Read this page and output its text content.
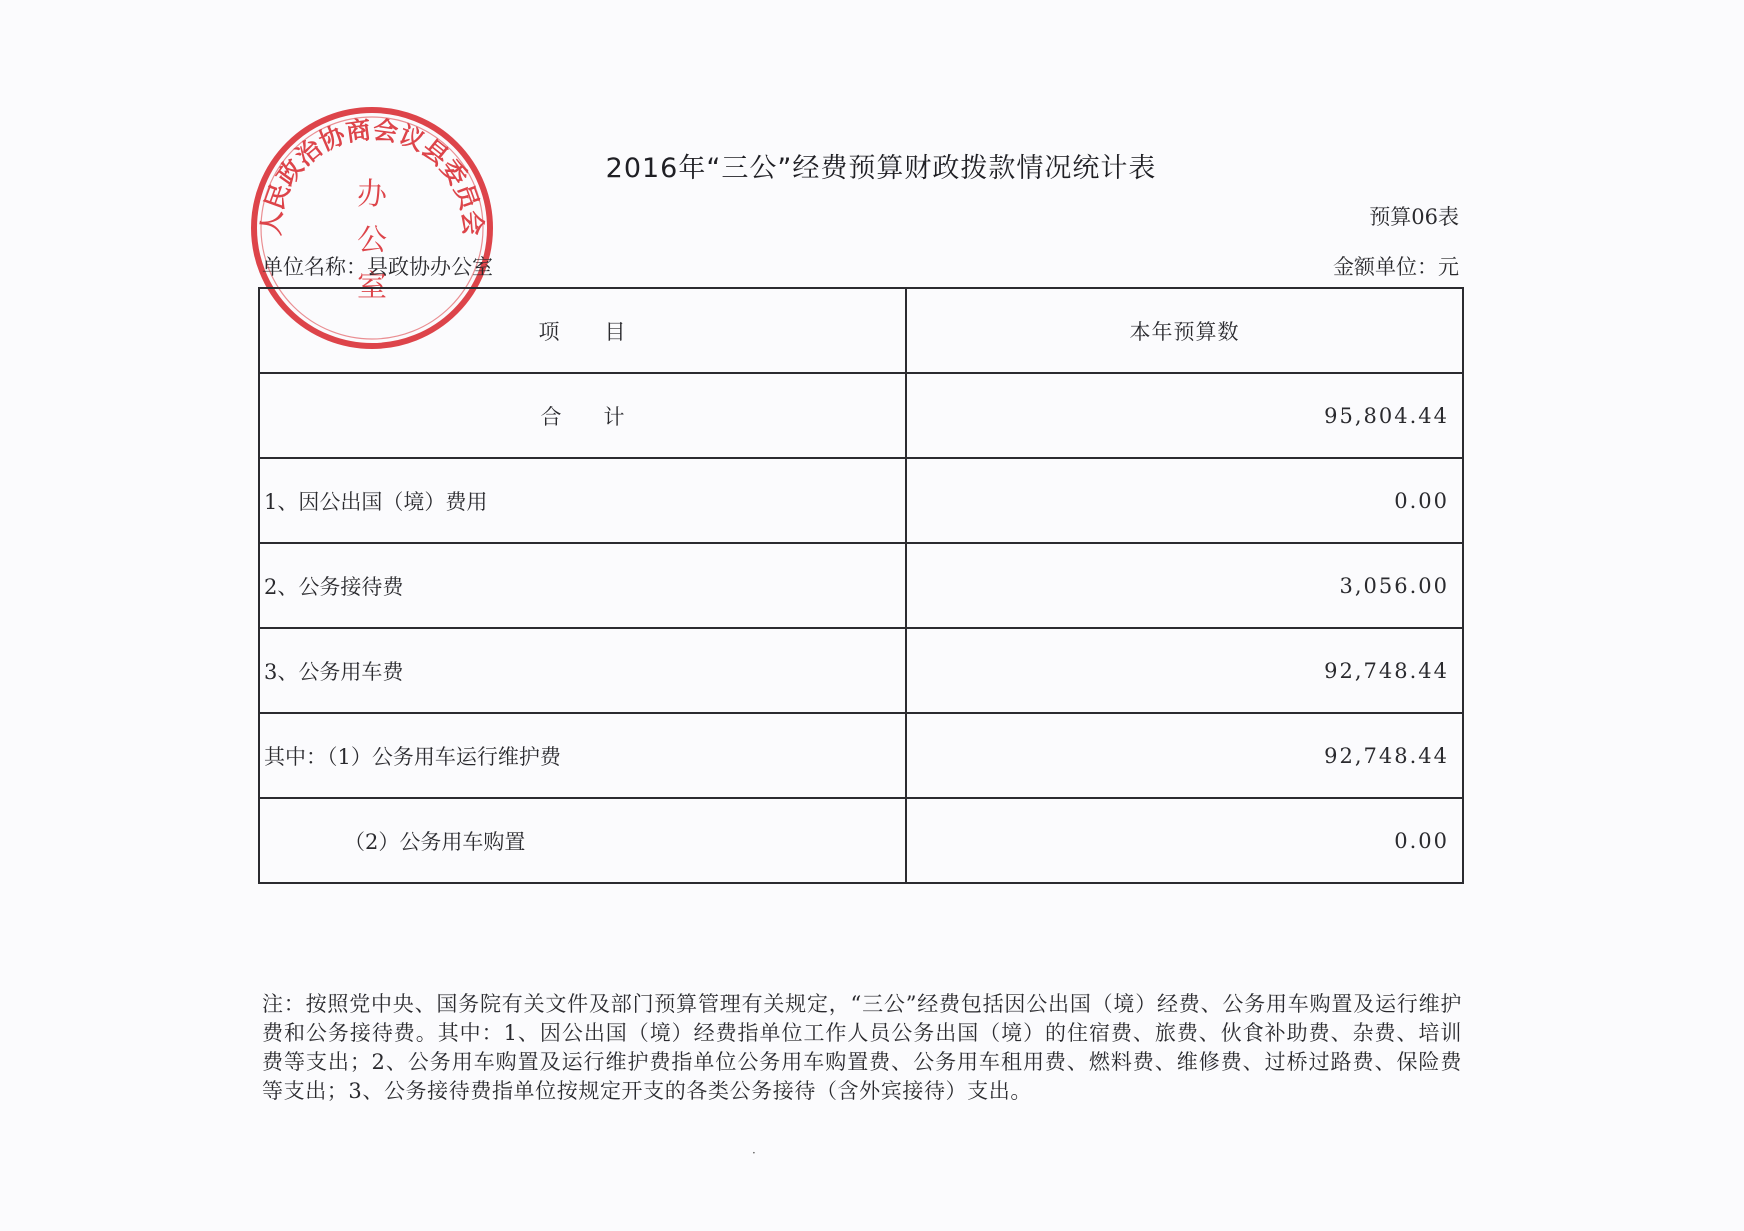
人民政治协商会议县委员会
办
公
室
2016年“三公”经费预算财政拨款情况统计表
预算06表
单位名称：县政协办公室	金额单位：元
项　　目	本年预算数
合　　计	95,804.44
1、因公出国（境）费用	0.00
2、公务接待费	3,056.00
3、公务用车费	92,748.44
其中：（1）公务用车运行维护费	92,748.44
（2）公务用车购置	0.00
注：按照党中央、国务院有关文件及部门预算管理有关规定，“三公”经费包括因公出国（境）经费、公务用车购置及运行维护费和公务接待费。其中：1、因公出国（境）经费指单位工作人员公务出国（境）的住宿费、旅费、伙食补助费、杂费、培训费等支出；2、公务用车购置及运行维护费指单位公务用车购置费、公务用车租用费、燃料费、维修费、过桥过路费、保险费等支出；3、公务接待费指单位按规定开支的各类公务接待（含外宾接待）支出。
·
